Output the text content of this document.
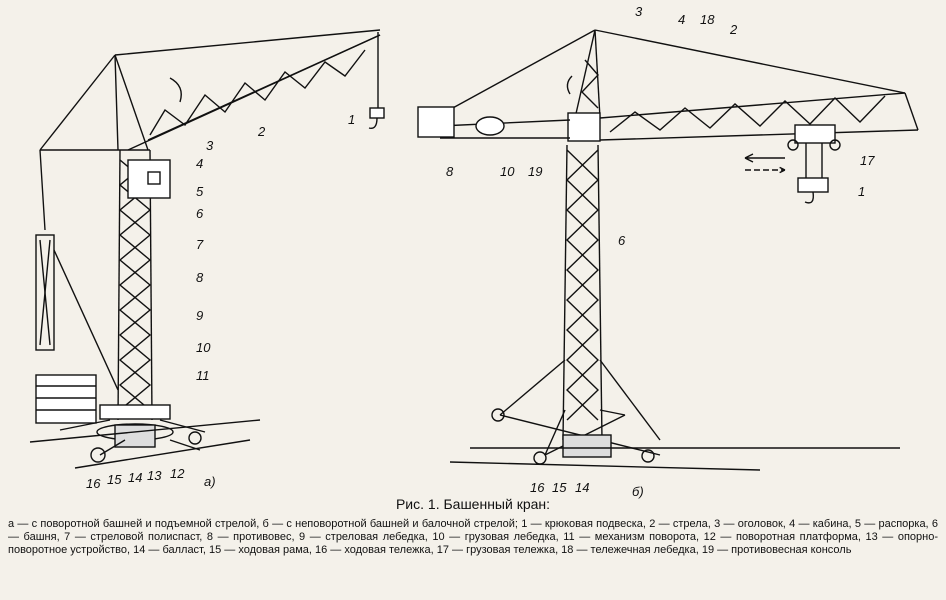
1
2
3
4
5
6
7
8
9
10
11
12
13
14
15
16	а)
3
4 18
2
8	10 19
17
1
6
16 15 14	б)
Рис. 1. Башенный кран:
а — с поворотной башней и подъемной стрелой, б — с неповоротной башней и балочной стрелой; 1 — крюковая подвеска, 2 — стрела, 3 — оголовок, 4 — кабина, 5 — распорка, 6 — башня, 7 — стреловой полиспаст, 8 — противовес, 9 — стреловая лебедка, 10 — грузовая лебедка, 11 — механизм поворота, 12 — поворотная платформа, 13 — опорно-поворотное устройство, 14 — балласт, 15 — ходовая рама, 16 — ходовая тележка, 17 — грузовая тележка, 18 — тележечная лебедка, 19 — противовесная консоль
